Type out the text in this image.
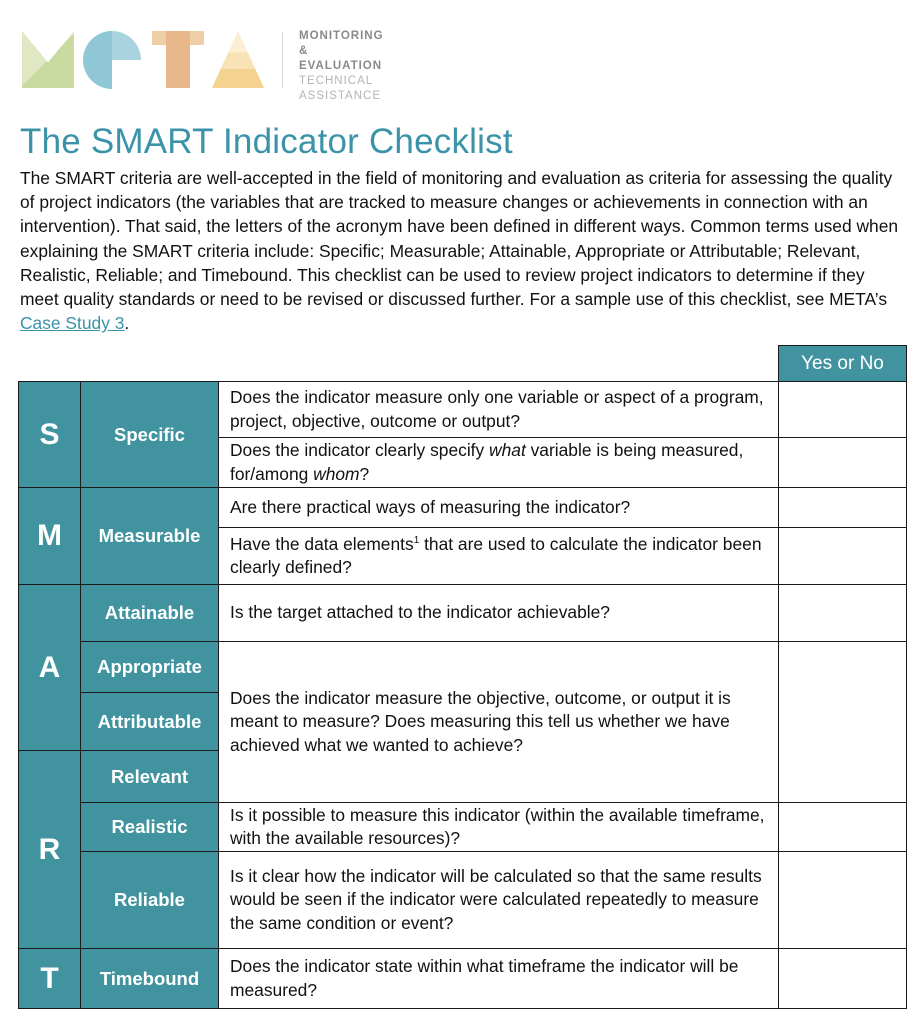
MONITORING &
EVALUATION
TECHNICAL
ASSISTANCE
The SMART Indicator Checklist
The SMART criteria are well-accepted in the field of monitoring and evaluation as criteria for assessing the quality of project indicators (the variables that are tracked to measure changes or achievements in connection with an intervention). That said, the letters of the acronym have been defined in different ways. Common terms used when explaining the SMART criteria include: Specific; Measurable; Attainable, Appropriate or Attributable; Relevant, Realistic, Reliable; and Timebound. This checklist can be used to review project indicators to determine if they meet quality standards or need to be revised or discussed further. For a sample use of this checklist, see META’s Case Study 3.
Yes or No
S
M
A
R
T
Specific
Measurable
Attainable
Appropriate
Attributable
Relevant
Realistic
Reliable
Timebound
Does the indicator measure only one variable or aspect of a program, project, objective, outcome or output?
Does the indicator clearly specify what variable is being measured, for/among whom?
Are there practical ways of measuring the indicator?
Have the data elements$^1$ that are used to calculate the indicator been clearly defined?
Is the target attached to the indicator achievable?
Does the indicator measure the objective, outcome, or output it is meant to measure? Does measuring this tell us whether we have achieved what we wanted to achieve?
Is it possible to measure this indicator (within the available timeframe, with the available resources)?
Is it clear how the indicator will be calculated so that the same results would be seen if the indicator were calculated repeatedly to measure the same condition or event?
Does the indicator state within what timeframe the indicator will be measured?
